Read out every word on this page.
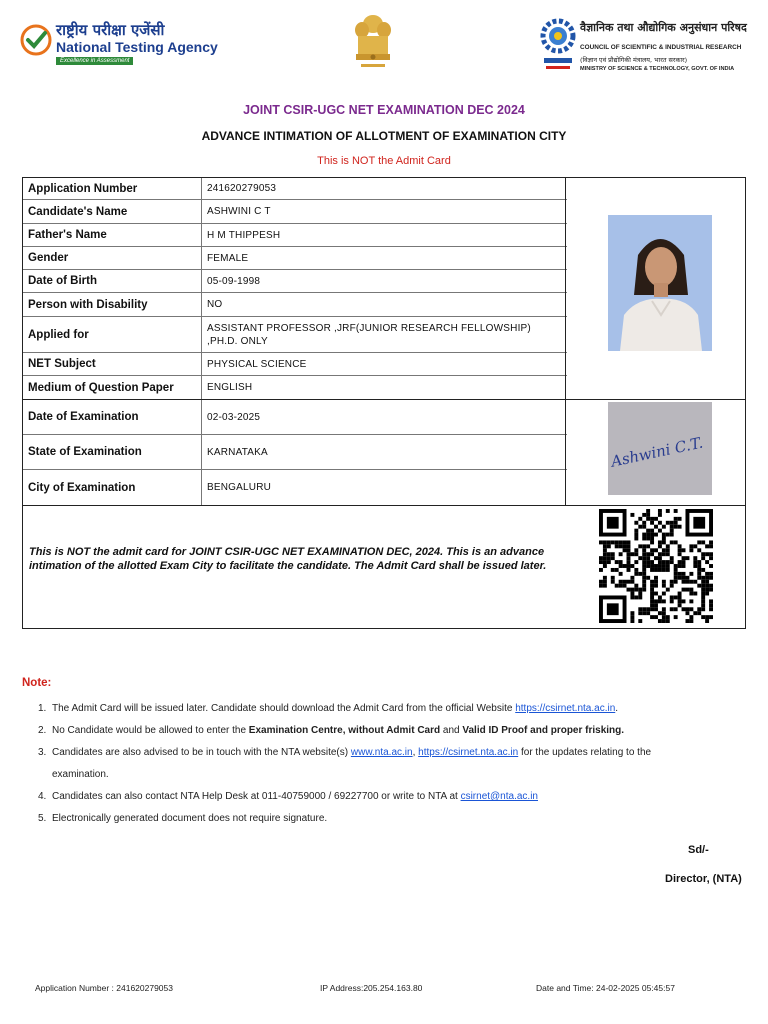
राष्ट्रीय परीक्षा एजेंसी
National Testing Agency
Excellence in Assessment
वैज्ञानिक तथा औद्योगिक अनुसंधान परिषद
COUNCIL OF SCIENTIFIC & INDUSTRIAL RESEARCH
(विज्ञान एवं प्रौद्योगिकी मंत्रालय, भारत सरकार)
MINISTRY OF SCIENCE & TECHNOLOGY, GOVT. OF INDIA
JOINT CSIR-UGC NET EXAMINATION DEC 2024
ADVANCE INTIMATION OF ALLOTMENT OF EXAMINATION CITY
This is NOT the Admit Card
Application Number	241620279053
Candidate's Name	ASHWINI C T
Father's Name	H M THIPPESH
Gender	FEMALE
Date of Birth	05-09-1998
Person with Disability	NO
Applied for
ASSISTANT PROFESSOR ,JRF(JUNIOR RESEARCH FELLOWSHIP) ,PH.D. ONLY
NET Subject	PHYSICAL SCIENCE
Medium of Question Paper	ENGLISH
Date of Examination	02-03-2025
State of Examination	KARNATAKA
City of Examination	BENGALURU
Ashwini C.T.
This is NOT the admit card for JOINT CSIR-UGC NET EXAMINATION DEC, 2024. This is an advance intimation of the allotted Exam City to facilitate the candidate. The Admit Card shall be issued later.
Note:
1. The Admit Card will be issued later. Candidate should download the Admit Card from the official Website https://csirnet.nta.ac.in.
2. No Candidate would be allowed to enter the Examination Centre, without Admit Card and Valid ID Proof and proper frisking.
3. Candidates are also advised to be in touch with the NTA website(s) www.nta.ac.in, https://csirnet.nta.ac.in for the updates relating to the
examination.
4. Candidates can also contact NTA Help Desk at 011-40759000 / 69227700 or write to NTA at csirnet@nta.ac.in
5. Electronically generated document does not require signature.
Sd/-
Director, (NTA)
Application Number : 241620279053	IP Address:205.254.163.80	Date and Time: 24-02-2025 05:45:57
